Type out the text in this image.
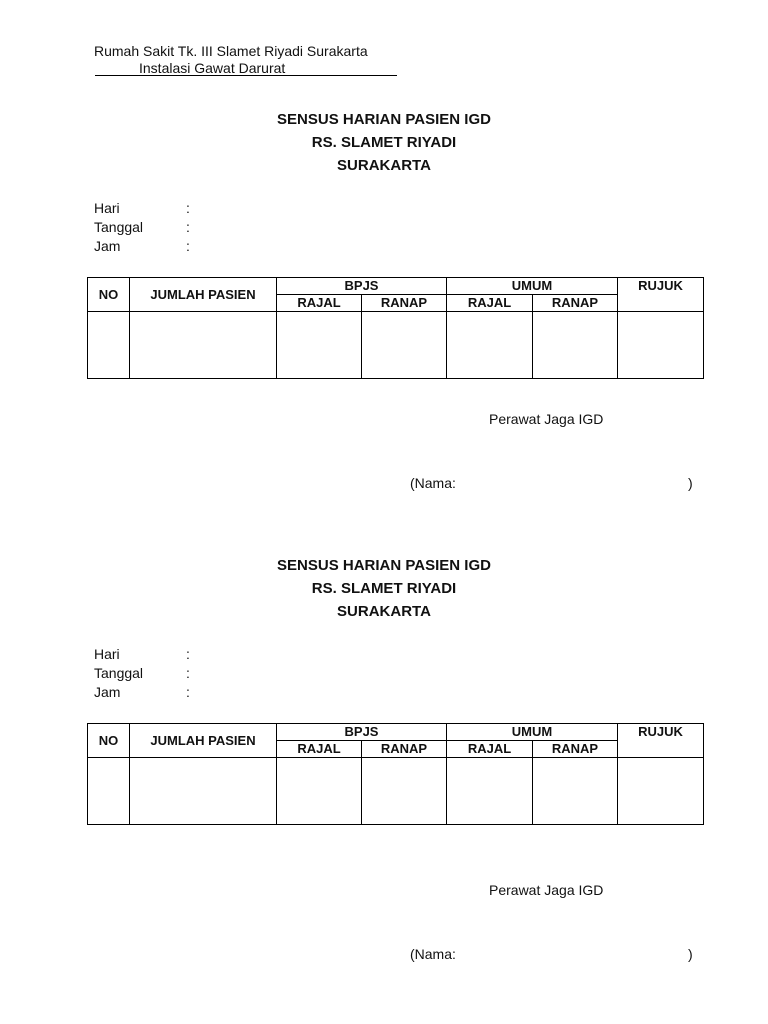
Rumah Sakit Tk. III Slamet Riyadi Surakarta
Instalasi Gawat Darurat
SENSUS HARIAN PASIEN IGD
RS. SLAMET RIYADI
SURAKARTA
Hari	:
Tanggal	:
Jam	:
NO	JUMLAH PASIEN	BPJS		UMUM		RUJUK
		RAJAL	RANAP	RAJAL	RANAP	

Perawat Jaga IGD
(Nama:	)
SENSUS HARIAN PASIEN IGD
RS. SLAMET RIYADI
SURAKARTA
Hari	:
Tanggal	:
Jam	:
NO	JUMLAH PASIEN	BPJS		UMUM		RUJUK
		RAJAL	RANAP	RAJAL	RANAP	

Perawat Jaga IGD
(Nama:	)
